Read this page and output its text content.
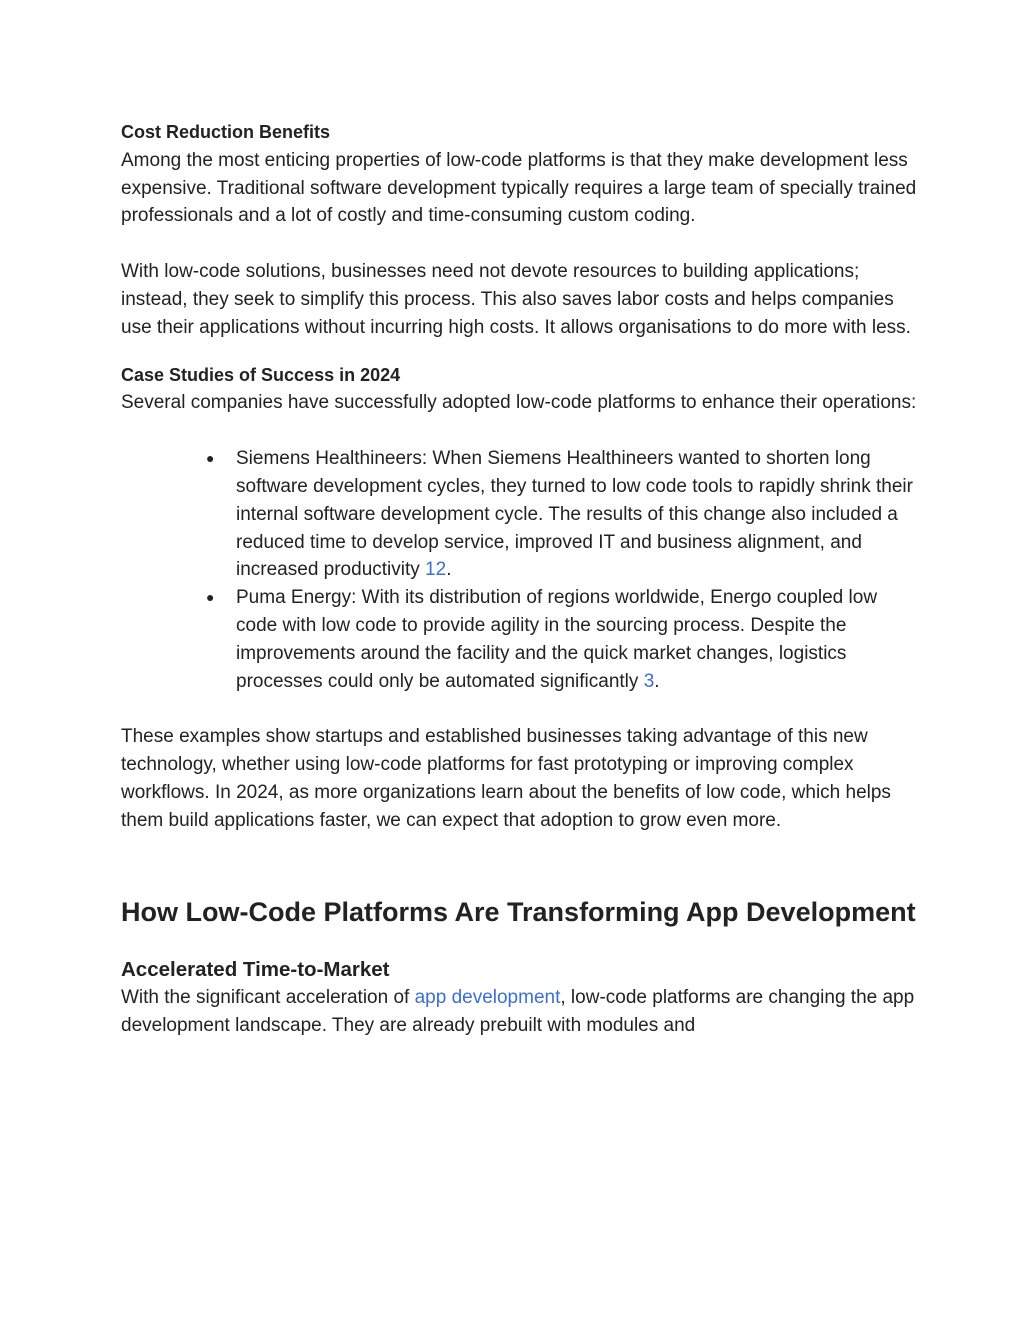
Cost Reduction Benefits

Among the most enticing properties of low-code platforms is that they make development less expensive. Traditional software development typically requires a large team of specially trained professionals and a lot of costly and time-consuming custom coding.

With low-code solutions, businesses need not devote resources to building applications; instead, they seek to simplify this process. This also saves labor costs and helps companies use their applications without incurring high costs. It allows organisations to do more with less.

Case Studies of Success in 2024

Several companies have successfully adopted low-code platforms to enhance their operations:

● Siemens Healthineers: When Siemens Healthineers wanted to shorten long software development cycles, they turned to low code tools to rapidly shrink their internal software development cycle. The results of this change also included a reduced time to develop service, improved IT and business alignment, and increased productivity 12.
● Puma Energy: With its distribution of regions worldwide, Energo coupled low code with low code to provide agility in the sourcing process. Despite the improvements around the facility and the quick market changes, logistics processes could only be automated significantly 3.

These examples show startups and established businesses taking advantage of this new technology, whether using low-code platforms for fast prototyping or improving complex workflows. In 2024, as more organizations learn about the benefits of low code, which helps them build applications faster, we can expect that adoption to grow even more.

How Low-Code Platforms Are Transforming App Development
Accelerated Time-to-Market

With the significant acceleration of app development, low-code platforms are changing the app development landscape. They are already prebuilt with modules and
